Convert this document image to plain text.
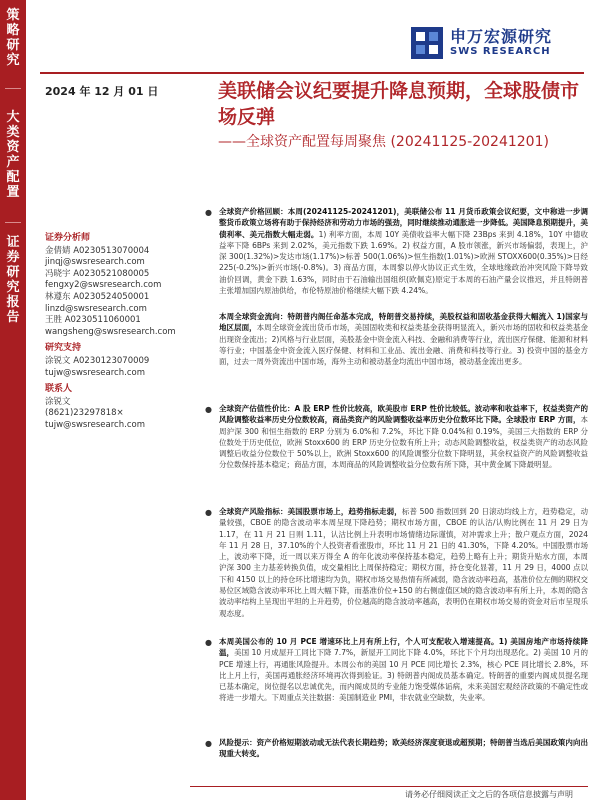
策略研究
大类资产配置
证券研究报告
申万宏源研究
SWS RESEARCH
2024 年 12 月 01 日	美联储会议纪要提升降息预期，全球股债市场反弹
——全球资产配置每周聚焦 (20241125-20241201)
证券分析师
金倩婧 A0230513070004
jinqj@swsresearch.com
冯晓宇 A0230521080005
fengxy2@swsresearch.com
林遵东 A0230524050001
linzd@swsresearch.com
王胜 A0230511060001
wangsheng@swsresearch.com
研究支持
涂锐文 A0230123070009
tujw@swsresearch.com
联系人
涂锐文
(8621)23297818×
tujw@swsresearch.com
● 全球资产价格回顾：本周(20241125-20241201)，美联储公布 11 月货币政策会议纪要，文中称进一步调整货币政策立场将有助于保持经济和劳动力市场的强劲，同时继续推动通胀进一步降低。美国降息预期提升，美债利率、美元指数大幅走弱。1) 利率方面，本周 10Y 美债收益率大幅下降 23Bps 来到 4.18%，10Y 中德收益率下降 6BPs 来到 2.02%，美元指数下跌 1.69%。2) 权益方面，A 股市领涨，新兴市场偏弱，表现上，沪深 300(1.32%)>发达市场(1.17%)>标普 500(1.06%)>恒生指数(1.01%)>欧洲 STOXX600(0.35%)>日经 225(-0.2%)>新兴市场(-0.8%)。3) 商品方面，本周黎以停火协议正式生效，全球地缘政治冲突风险下降导致油价回调，黄金下跌 1.63%，同时由于石油输出国组织(欧佩克)原定于本周的石油产量会议推迟，并且特朗普主张增加国内原油供给，布伦特原油价格继续大幅下跌 4.24%。
本周全球资金流向：特朗普内阁任命基本完成，特朗普交易持续，美股权益和固收基金获得大幅流入 1)国家与地区层面，本周全球资金流出货币市场，美国固收类和权益类基金获得明显流入，新兴市场的固收和权益类基金出现资金流出；2)风格与行业层面，美股基金中资金流入科技、金融和消费等行业，流出医疗保健、能源和材料等行业；中国基金中资金流入医疗保健、材料和工业品、流出金融、消费和科技等行业。3) 投资中国的基金方面，过去一周外资流出中国市场，海外主动和被动基金均流出中国市场，被动基金流出更多。
● 全球资产估值性价比：A 股 ERP 性价比较高，欧美股市 ERP 性价比较低。波动率和收益率下，权益类资产的风险调整收益率历史分位数较高，商品类资产的风险调整收益率历史分位数环比下降。全球股市 ERP 方面，本周沪深 300 和恒生指数的 ERP 分别为 6.0%和 7.2%，环比下降 0.04%和 0.19%，美国三大指数的 ERP 分位数处于历史低位，欧洲 Stoxx600 的 ERP 历史分位数有所上升；动态风险调整收益，权益类资产的动态风险调整后收益分位数位于 50%以上，欧洲 Stoxx600 的风险调整分位数下降明显，其余权益资产的风险调整收益分位数保持基本稳定；商品方面，本周商品的风险调整收益分位数有所下降，其中黄金属下降最明显。
● 全球资产风险指标：美国股票市场上，趋势指标走弱，标普 500 指数回到 20 日滚动均线上方，趋势稳定，动量较强，CBOE 的隐含波动率本周呈现下降趋势；期权市场方面，CBOE 的认沽/认购比例在 11 月 29 日为 1.17，在 11 月 21 日则 1.11，认沽比例上升表明市场情绪边际谨慎，对冲需求上升；散户观点方面，2024 年 11 月 28 日，37.10%的个人投资者看涨股市，环比 11 月 21 日的 41.30%，下降 4.20%。中国股票市场上，波动率下降，近一周以来万得全 A 的年化波动率保持基本稳定，趋势上略有上升；期货升贴水方面，本周沪深 300 主力基差转换负值，成交量相比上周保持稳定；期权方面，持仓变化显著，11 月 29 日，4000 点以下和 4150 以上的持仓环比增速均为负，期权市场交易热情有所减弱，隐含波动率趋高，基准价位左侧的期权交易位区域隐含波动率环比上周大幅下降，而基准价位+150 的右侧虚值区域的隐含波动率有所上升，本周的隐含波动率结构上呈现出平坦的上升趋势，价位越高的隐含波动率越高，表明仍在期权市场交易的资金对后市呈现乐观态度。
● 本周美国公布的 10 月 PCE 增速环比上月有所上行，个人可支配收入增速提高。1) 美国房地产市场持续降温，美国 10 月成屋开工同比下降 7.7%，新屋开工同比下降 4.0%，环比下个月均出现恶化。2) 美国 10 月的 PCE 增速上行，再通胀风险提升。本周公布的美国 10 月 PCE 同比增长 2.3%，核心 PCE 同比增长 2.8%，环比上月上行，美国再通胀经济环境再次得到验证。3) 特朗普内阁成员基本确定。特朗普的重要内阁成员提名现已基本确定，岗位提名以忠诚优先，而内阁成员的专业能力饱受媒体诟病，未来美国宏观经济政策的不确定性或将进一步增大。下周重点关注数据：美国制造业 PMI，非农就业空缺数，失业率。
● 风险提示：资产价格短期波动或无法代表长期趋势；欧美经济深度衰退或超预期；特朗普当选后美国政策内向出现重大转变。
请务必仔细阅读正文之后的各项信息披露与声明
